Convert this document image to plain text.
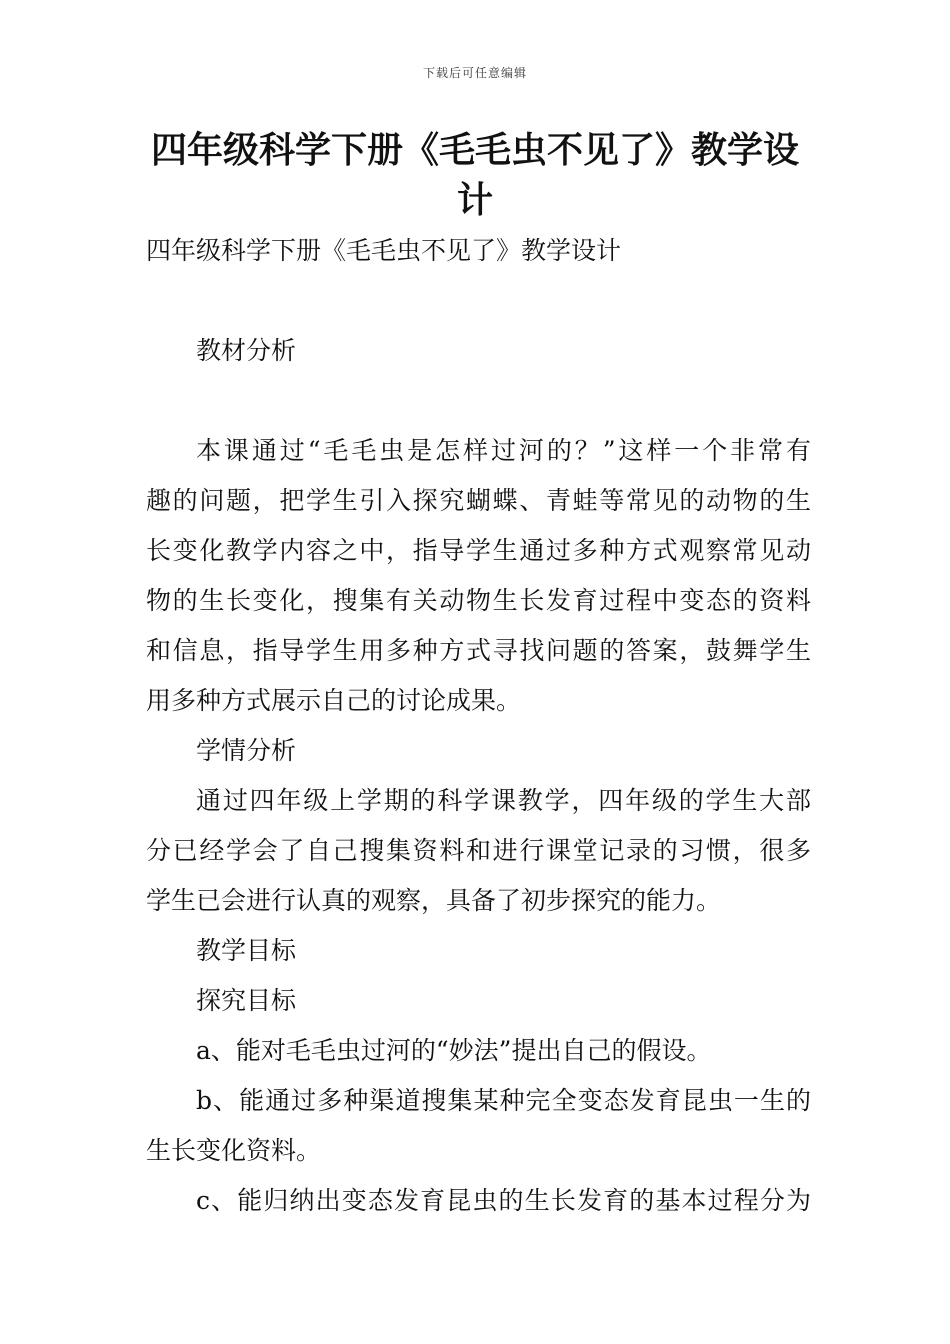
下载后可任意编辑
四年级科学下册《毛毛虫不见了》教学设
计
四年级科学下册《毛毛虫不见了》教学设计
教材分析
本课通过“毛毛虫是怎样过河的？”这样一个非常有
趣的问题，把学生引入探究蝴蝶、青蛙等常见的动物的生
长变化教学内容之中，指导学生通过多种方式观察常见动
物的生长变化，搜集有关动物生长发育过程中变态的资料
和信息，指导学生用多种方式寻找问题的答案，鼓舞学生
用多种方式展示自己的讨论成果。
学情分析
通过四年级上学期的科学课教学，四年级的学生大部
分已经学会了自己搜集资料和进行课堂记录的习惯，很多
学生已会进行认真的观察，具备了初步探究的能力。
教学目标
探究目标
a、能对毛毛虫过河的“妙法”提出自己的假设。
b、能通过多种渠道搜集某种完全变态发育昆虫一生的
生长变化资料。
c、能归纳出变态发育昆虫的生长发育的基本过程分为
